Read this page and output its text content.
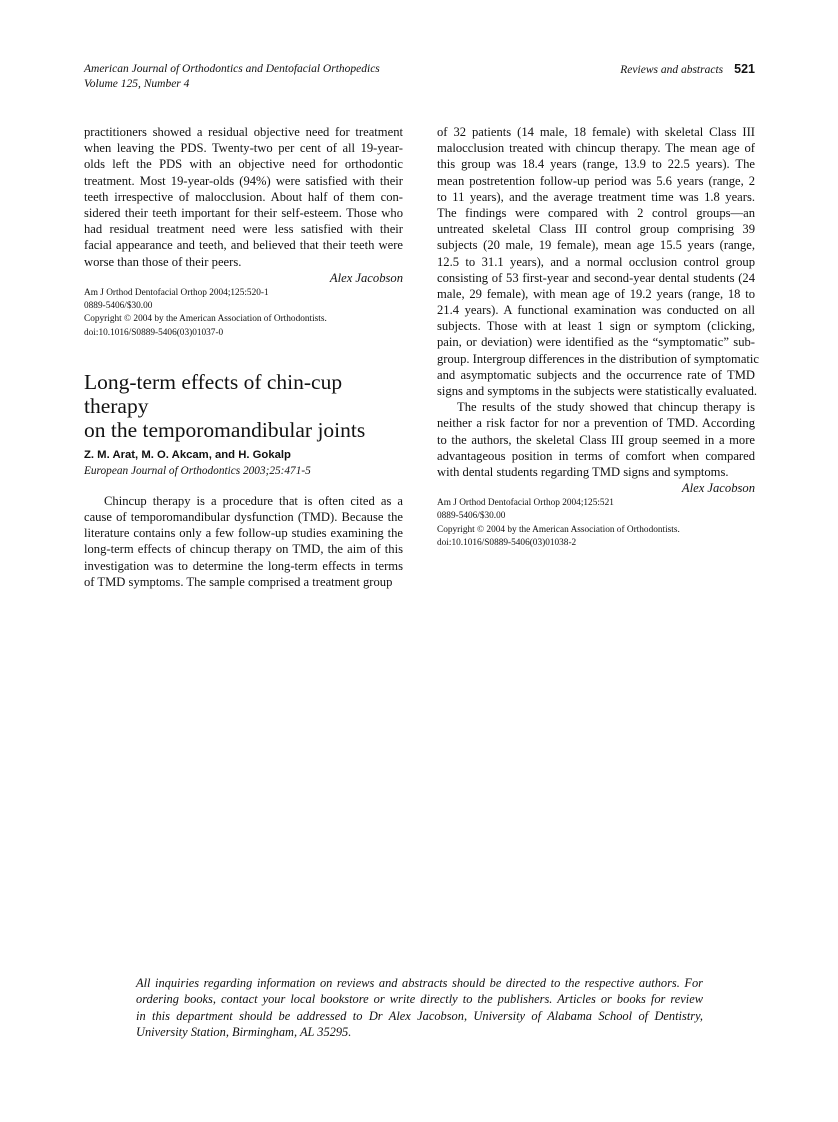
American Journal of Orthodontics and Dentofacial Orthopedics
Volume 125, Number 4
Reviews and abstracts 521
practitioners showed a residual objective need for treatment
when leaving the PDS. Twenty-two per cent of all 19-year-
olds left the PDS with an objective need for orthodontic
treatment. Most 19-year-olds (94%) were satisfied with their
teeth irrespective of malocclusion. About half of them con-
sidered their teeth important for their self-esteem. Those who
had residual treatment need were less satisfied with their
facial appearance and teeth, and believed that their teeth were
worse than those of their peers.
Alex Jacobson
Am J Orthod Dentofacial Orthop 2004;125:520-1
0889-5406/$30.00
Copyright © 2004 by the American Association of Orthodontists.
doi:10.1016/S0889-5406(03)01037-0
Long-term effects of chin-cup therapy
on the temporomandibular joints
Z. M. Arat, M. O. Akcam, and H. Gokalp
European Journal of Orthodontics 2003;25:471-5
Chincup therapy is a procedure that is often cited as a
cause of temporomandibular dysfunction (TMD). Because the
literature contains only a few follow-up studies examining the
long-term effects of chincup therapy on TMD, the aim of this
investigation was to determine the long-term effects in terms
of TMD symptoms. The sample comprised a treatment group
of 32 patients (14 male, 18 female) with skeletal Class III
malocclusion treated with chincup therapy. The mean age of
this group was 18.4 years (range, 13.9 to 22.5 years). The
mean postretention follow-up period was 5.6 years (range, 2
to 11 years), and the average treatment time was 1.8 years.
The findings were compared with 2 control groups—an
untreated skeletal Class III control group comprising 39
subjects (20 male, 19 female), mean age 15.5 years (range,
12.5 to 31.1 years), and a normal occlusion control group
consisting of 53 first-year and second-year dental students (24
male, 29 female), with mean age of 19.2 years (range, 18 to
21.4 years). A functional examination was conducted on all
subjects. Those with at least 1 sign or symptom (clicking,
pain, or deviation) were identified as the “symptomatic” sub-
group. Intergroup differences in the distribution of symptomatic
and asymptomatic subjects and the occurrence rate of TMD
signs and symptoms in the subjects were statistically evaluated.
The results of the study showed that chincup therapy is
neither a risk factor for nor a prevention of TMD. According
to the authors, the skeletal Class III group seemed in a more
advantageous position in terms of comfort when compared
with dental students regarding TMD signs and symptoms.
Alex Jacobson
Am J Orthod Dentofacial Orthop 2004;125:521
0889-5406/$30.00
Copyright © 2004 by the American Association of Orthodontists.
doi:10.1016/S0889-5406(03)01038-2
All inquiries regarding information on reviews and abstracts should be directed to the respective authors. For
ordering books, contact your local bookstore or write directly to the publishers. Articles or books for review
in this department should be addressed to Dr Alex Jacobson, University of Alabama School of Dentistry,
University Station, Birmingham, AL 35295.
